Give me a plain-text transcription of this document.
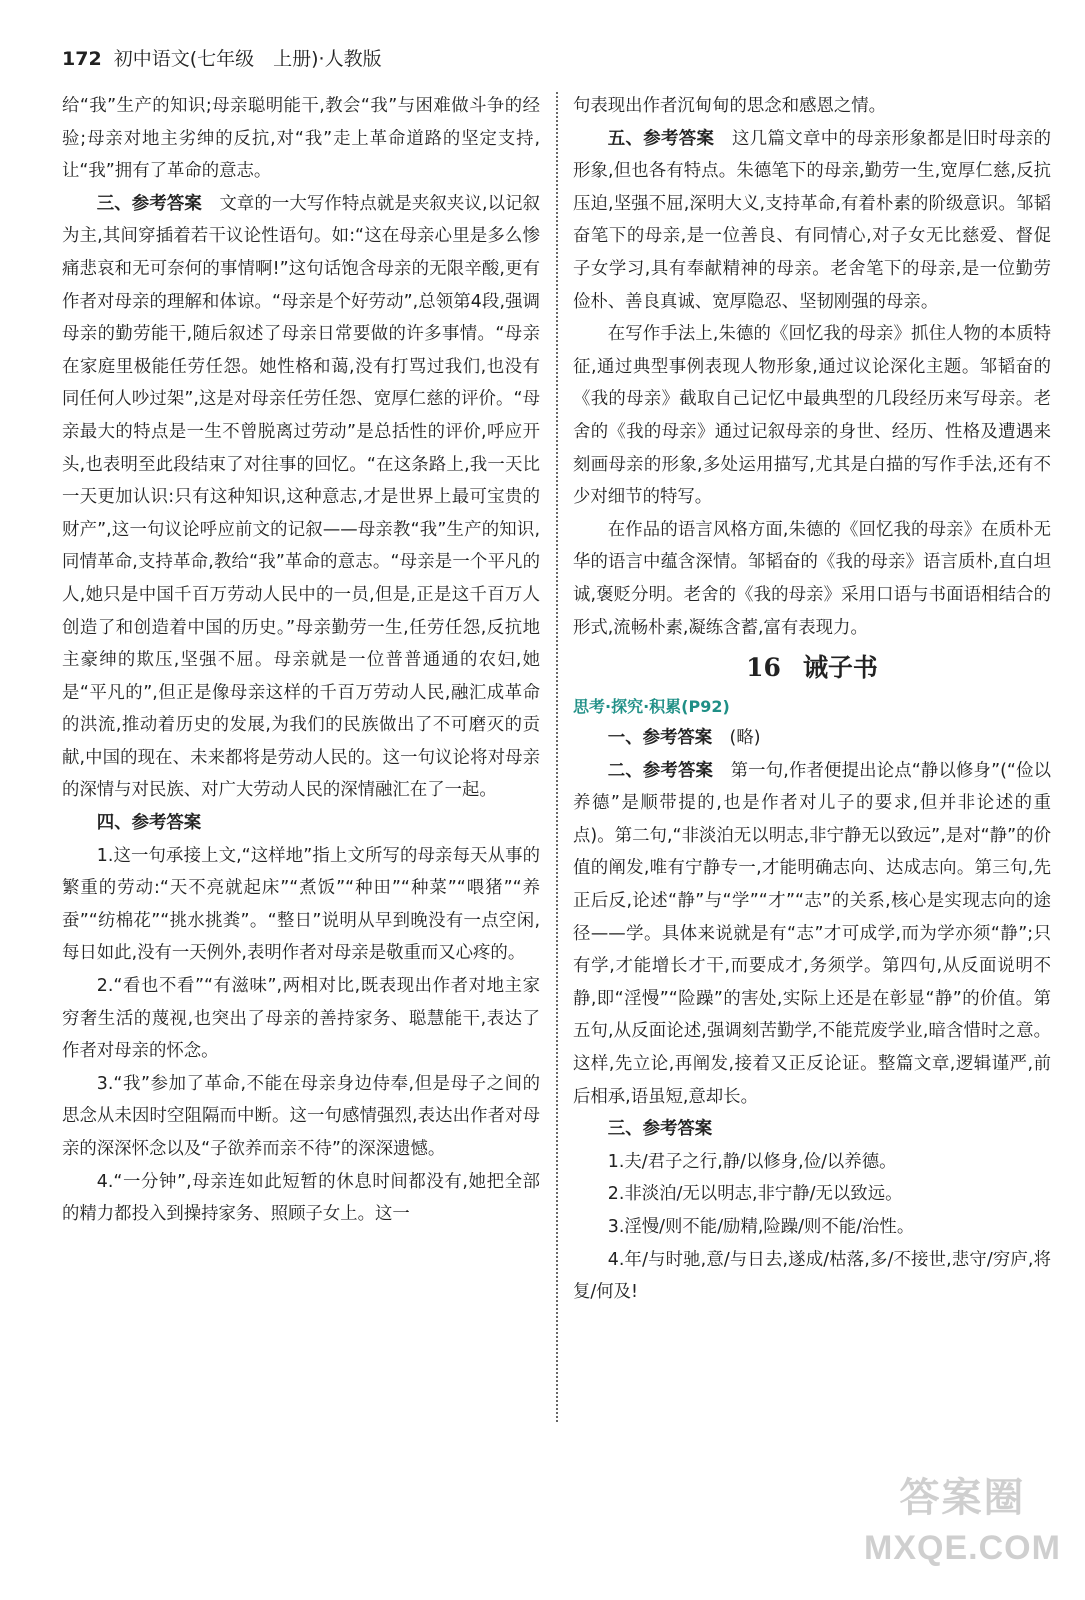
172 初中语文(七年级　上册)·人教版

给“我”生产的知识;母亲聪明能干,教会“我”与困难做斗争的经验;母亲对地主劣绅的反抗,对“我”走上革命道路的坚定支持,让“我”拥有了革命的意志。

三、参考答案　文章的一大写作特点就是夹叙夹议,以记叙为主,其间穿插着若干议论性语句。如:“这在母亲心里是多么惨痛悲哀和无可奈何的事情啊!”这句话饱含母亲的无限辛酸,更有作者对母亲的理解和体谅。“母亲是个好劳动”,总领第4段,强调母亲的勤劳能干,随后叙述了母亲日常要做的许多事情。“母亲在家庭里极能任劳任怨。她性格和蔼,没有打骂过我们,也没有同任何人吵过架”,这是对母亲任劳任怨、宽厚仁慈的评价。“母亲最大的特点是一生不曾脱离过劳动”是总括性的评价,呼应开头,也表明至此段结束了对往事的回忆。“在这条路上,我一天比一天更加认识:只有这种知识,这种意志,才是世界上最可宝贵的财产”,这一句议论呼应前文的记叙——母亲教“我”生产的知识,同情革命,支持革命,教给“我”革命的意志。“母亲是一个平凡的人,她只是中国千百万劳动人民中的一员,但是,正是这千百万人创造了和创造着中国的历史。”母亲勤劳一生,任劳任怨,反抗地主豪绅的欺压,坚强不屈。母亲就是一位普普通通的农妇,她是“平凡的”,但正是像母亲这样的千百万劳动人民,融汇成革命的洪流,推动着历史的发展,为我们的民族做出了不可磨灭的贡献,中国的现在、未来都将是劳动人民的。这一句议论将对母亲的深情与对民族、对广大劳动人民的深情融汇在了一起。

四、参考答案

1.这一句承接上文,“这样地”指上文所写的母亲每天从事的繁重的劳动:“天不亮就起床”“煮饭”“种田”“种菜”“喂猪”“养蚕”“纺棉花”“挑水挑粪”。“整日”说明从早到晚没有一点空闲,每日如此,没有一天例外,表明作者对母亲是敬重而又心疼的。

2.“看也不看”“有滋味”,两相对比,既表现出作者对地主家穷奢生活的蔑视,也突出了母亲的善持家务、聪慧能干,表达了作者对母亲的怀念。

3.“我”参加了革命,不能在母亲身边侍奉,但是母子之间的思念从未因时空阻隔而中断。这一句感情强烈,表达出作者对母亲的深深怀念以及“子欲养而亲不待”的深深遗憾。

4.“一分钟”,母亲连如此短暂的休息时间都没有,她把全部的精力都投入到操持家务、照顾子女上。这一

句表现出作者沉甸甸的思念和感恩之情。

五、参考答案　这几篇文章中的母亲形象都是旧时母亲的形象,但也各有特点。朱德笔下的母亲,勤劳一生,宽厚仁慈,反抗压迫,坚强不屈,深明大义,支持革命,有着朴素的阶级意识。邹韬奋笔下的母亲,是一位善良、有同情心,对子女无比慈爱、督促子女学习,具有奉献精神的母亲。老舍笔下的母亲,是一位勤劳俭朴、善良真诚、宽厚隐忍、坚韧刚强的母亲。

在写作手法上,朱德的《回忆我的母亲》抓住人物的本质特征,通过典型事例表现人物形象,通过议论深化主题。邹韬奋的《我的母亲》截取自己记忆中最典型的几段经历来写母亲。老舍的《我的母亲》通过记叙母亲的身世、经历、性格及遭遇来刻画母亲的形象,多处运用描写,尤其是白描的写作手法,还有不少对细节的特写。

在作品的语言风格方面,朱德的《回忆我的母亲》在质朴无华的语言中蕴含深情。邹韬奋的《我的母亲》语言质朴,直白坦诚,褒贬分明。老舍的《我的母亲》采用口语与书面语相结合的形式,流畅朴素,凝练含蓄,富有表现力。

16 诫子书

思考·探究·积累(P92)

一、参考答案　(略)

二、参考答案　第一句,作者便提出论点“静以修身”(“俭以养德”是顺带提的,也是作者对儿子的要求,但并非论述的重点)。第二句,“非淡泊无以明志,非宁静无以致远”,是对“静”的价值的阐发,唯有宁静专一,才能明确志向、达成志向。第三句,先正后反,论述“静”与“学”“才”“志”的关系,核心是实现志向的途径——学。具体来说就是有“志”才可成学,而为学亦须“静”;只有学,才能增长才干,而要成才,务须学。第四句,从反面说明不静,即“淫慢”“险躁”的害处,实际上还是在彰显“静”的价值。第五句,从反面论述,强调刻苦勤学,不能荒废学业,暗含惜时之意。这样,先立论,再阐发,接着又正反论证。整篇文章,逻辑谨严,前后相承,语虽短,意却长。

三、参考答案

1.夫/君子之行,静/以修身,俭/以养德。

2.非淡泊/无以明志,非宁静/无以致远。

3.淫慢/则不能/励精,险躁/则不能/治性。

4.年/与时驰,意/与日去,遂成/枯落,多/不接世,悲守/穷庐,将复/何及!

答案圈
MXQE.COM
